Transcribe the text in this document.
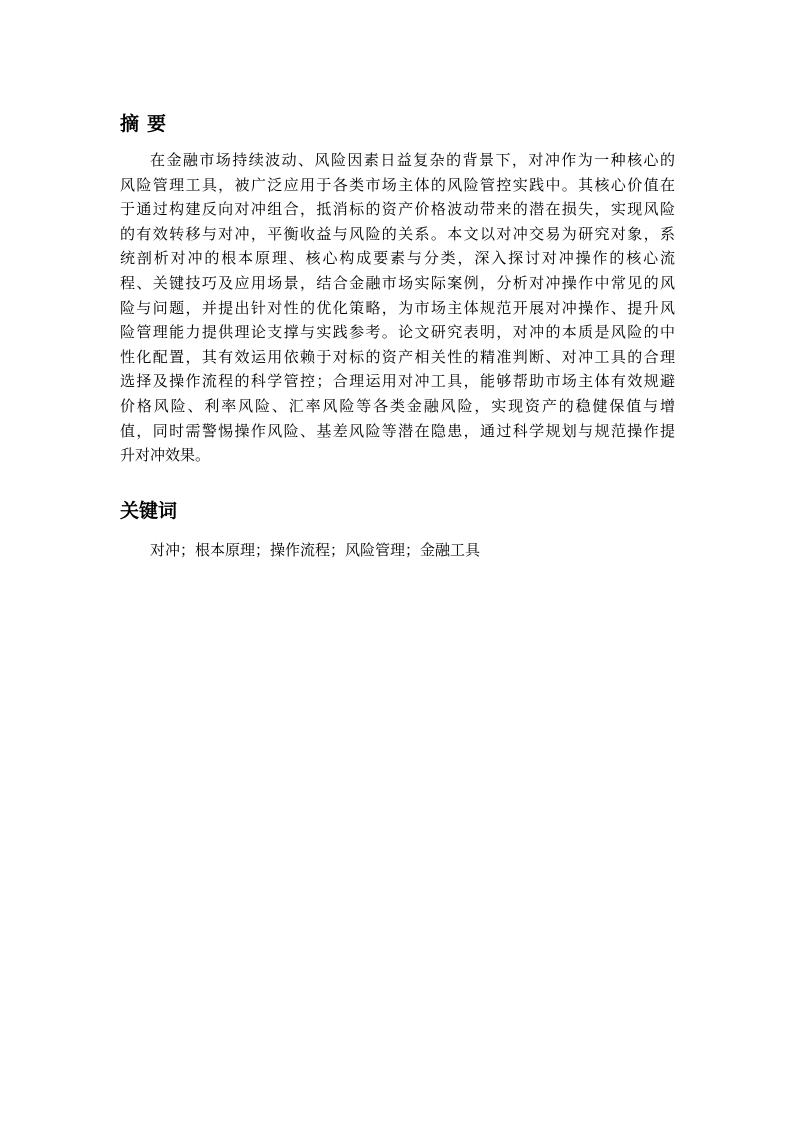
摘要
在金融市场持续波动、风险因素日益复杂的背景下，对冲作为一种核心的
风险管理工具，被广泛应用于各类市场主体的风险管控实践中。其核心价值在
于通过构建反向对冲组合，抵消标的资产价格波动带来的潜在损失，实现风险
的有效转移与对冲，平衡收益与风险的关系。本文以对冲交易为研究对象，系
统剖析对冲的根本原理、核心构成要素与分类，深入探讨对冲操作的核心流
程、关键技巧及应用场景，结合金融市场实际案例，分析对冲操作中常见的风
险与问题，并提出针对性的优化策略，为市场主体规范开展对冲操作、提升风
险管理能力提供理论支撑与实践参考。论文研究表明，对冲的本质是风险的中
性化配置，其有效运用依赖于对标的资产相关性的精准判断、对冲工具的合理
选择及操作流程的科学管控；合理运用对冲工具，能够帮助市场主体有效规避
价格风险、利率风险、汇率风险等各类金融风险，实现资产的稳健保值与增
值，同时需警惕操作风险、基差风险等潜在隐患，通过科学规划与规范操作提
升对冲效果。
关键词
对冲；根本原理；操作流程；风险管理；金融工具
